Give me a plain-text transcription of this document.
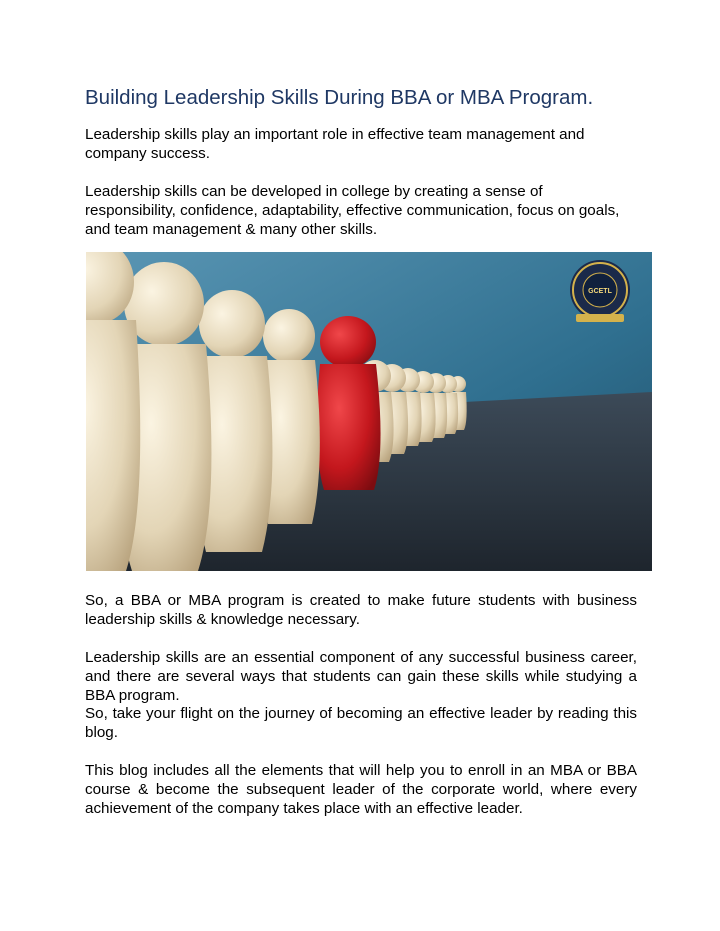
Building Leadership Skills During BBA or MBA Program.

Leadership skills play an important role in effective team management and company success.

Leadership skills can be developed in college by creating a sense of responsibility, confidence, adaptability, effective communication, focus on goals, and team management & many other skills.

GCETL

So, a BBA or MBA program is created to make future students with business leadership skills & knowledge necessary.

Leadership skills are an essential component of any successful business career, and there are several ways that students can gain these skills while studying a BBA program.

So, take your flight on the journey of becoming an effective leader by reading this blog.

This blog includes all the elements that will help you to enroll in an MBA or BBA course & become the subsequent leader of the corporate world, where every achievement of the company takes place with an effective leader.
